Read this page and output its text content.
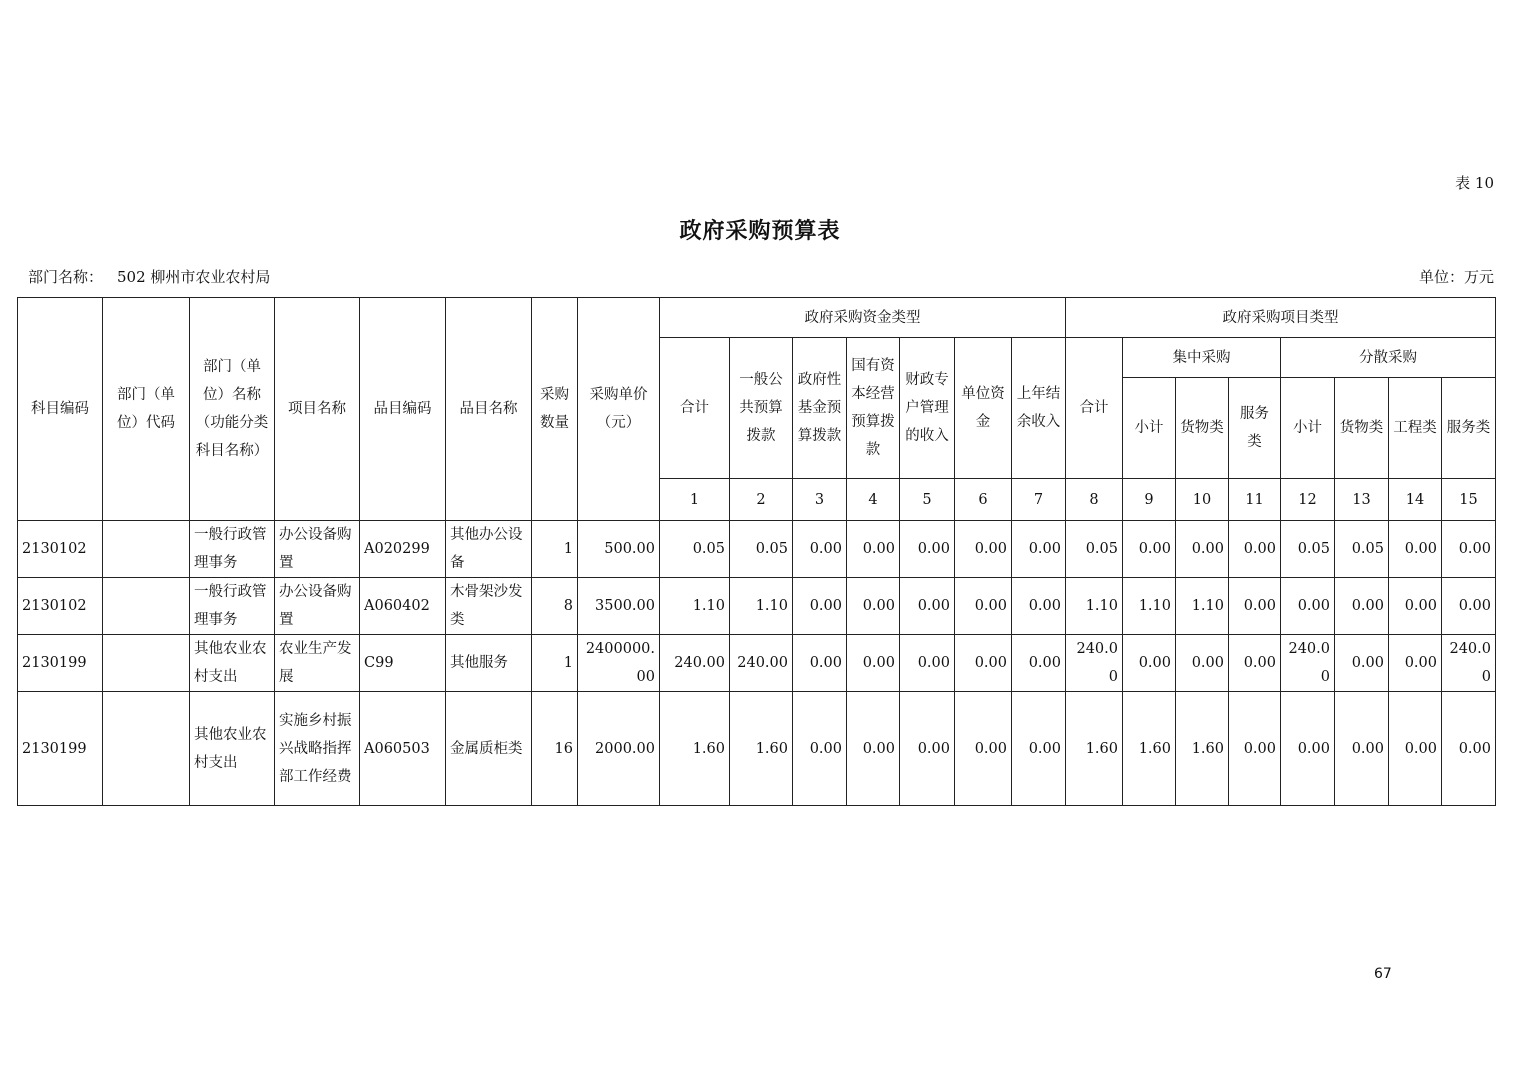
表 10
政府采购预算表
部门名称： 502 柳州市农业农村局	单位：万元
科目编码	部门（单位）代码	部门（单位）名称（功能分类科目名称）	项目名称	品目编码	品目名称	采购数量	采购单价（元）	政府采购资金类型							政府采购项目类型							
								合计	一般公共预算拨款	政府性基金预算拨款	国有资本经营预算拨款	财政专户管理的收入	单位资金	上年结余收入	合计	集中采购			分散采购			
																小计	货物类	服务类	小计	货物类	工程类	服务类
								1	2	3	4	5	6	7	8	9	10	11	12	13	14	15
2130102		一般行政管理事务	办公设备购置	A020299	其他办公设备	1	500.00	0.05	0.05	0.00	0.00	0.00	0.00	0.00	0.05	0.00	0.00	0.00	0.05	0.05	0.00	0.00
2130102		一般行政管理事务	办公设备购置	A060402	木骨架沙发类	8	3500.00	1.10	1.10	0.00	0.00	0.00	0.00	0.00	1.10	1.10	1.10	0.00	0.00	0.00	0.00	0.00
2130199		其他农业农村支出	农业生产发展	C99	其他服务	1	2400000.00	240.00	240.00	0.00	0.00	0.00	0.00	0.00	240.00	0.00	0.00	0.00	240.00	0.00	0.00	240.00
2130199		其他农业农村支出	实施乡村振兴战略指挥部工作经费	A060503	金属质柜类	16	2000.00	1.60	1.60	0.00	0.00	0.00	0.00	0.00	1.60	1.60	1.60	0.00	0.00	0.00	0.00	0.00
67
